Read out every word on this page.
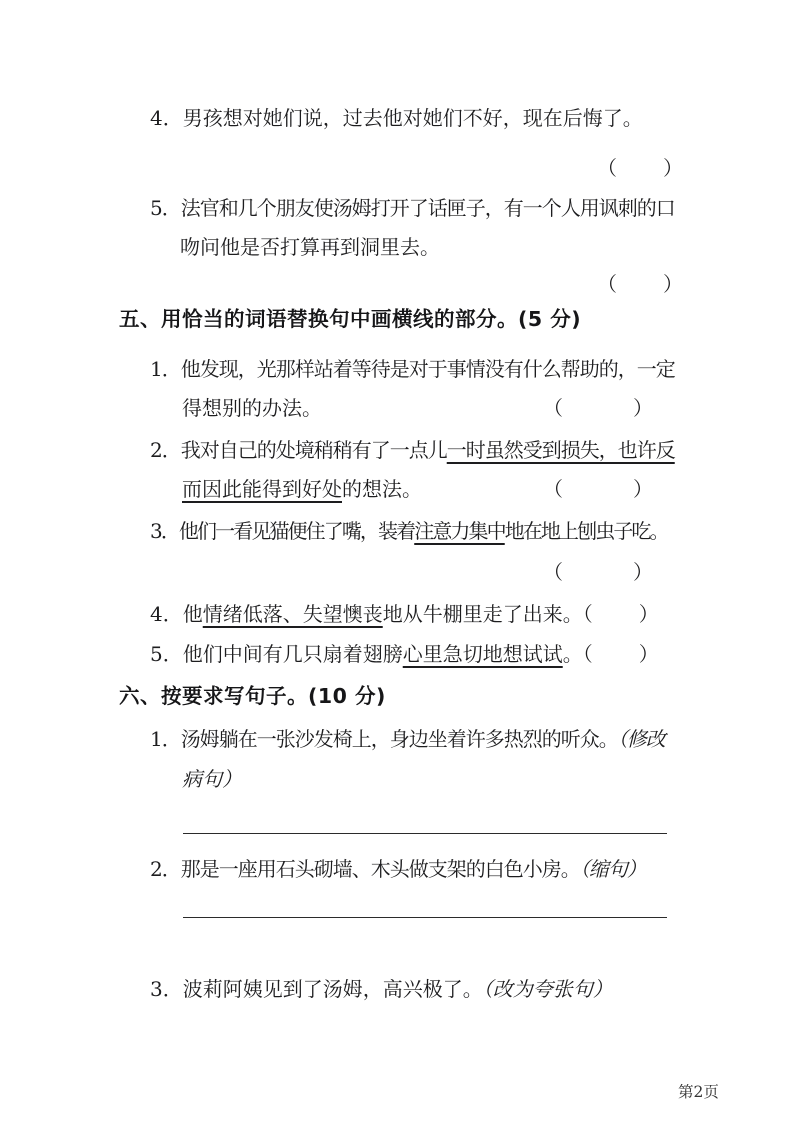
4．男孩想对她们说，过去他对她们不好，现在后悔了。
（ ）
5．法官和几个朋友使汤姆打开了话匣子，有一个人用讽刺的口
吻问他是否打算再到洞里去。
（ ）
五、用恰当的词语替换句中画横线的部分。(5 分)
1．他发现，光那样站着等待是对于事情没有什么帮助的，一定
得想别的办法。	（	）
2．我对自己的处境稍稍有了一点儿一时虽然受到损失，也许反
而因此能得到好处的想法。	（	）
3．他们一看见猫便住了嘴，装着注意力集中地在地上刨虫子吃。
（	）
4．他情绪低落、失望懊丧地从牛棚里走了出来。（ ）
5．他们中间有几只扇着翅膀心里急切地想试试。（ ）
六、按要求写句子。(10 分)
1．汤姆躺在一张沙发椅上，身边坐着许多热烈的听众。（修改
病句）
2．那是一座用石头砌墙、木头做支架的白色小房。（缩句）
3．波莉阿姨见到了汤姆，高兴极了。（改为夸张句）
第2页
